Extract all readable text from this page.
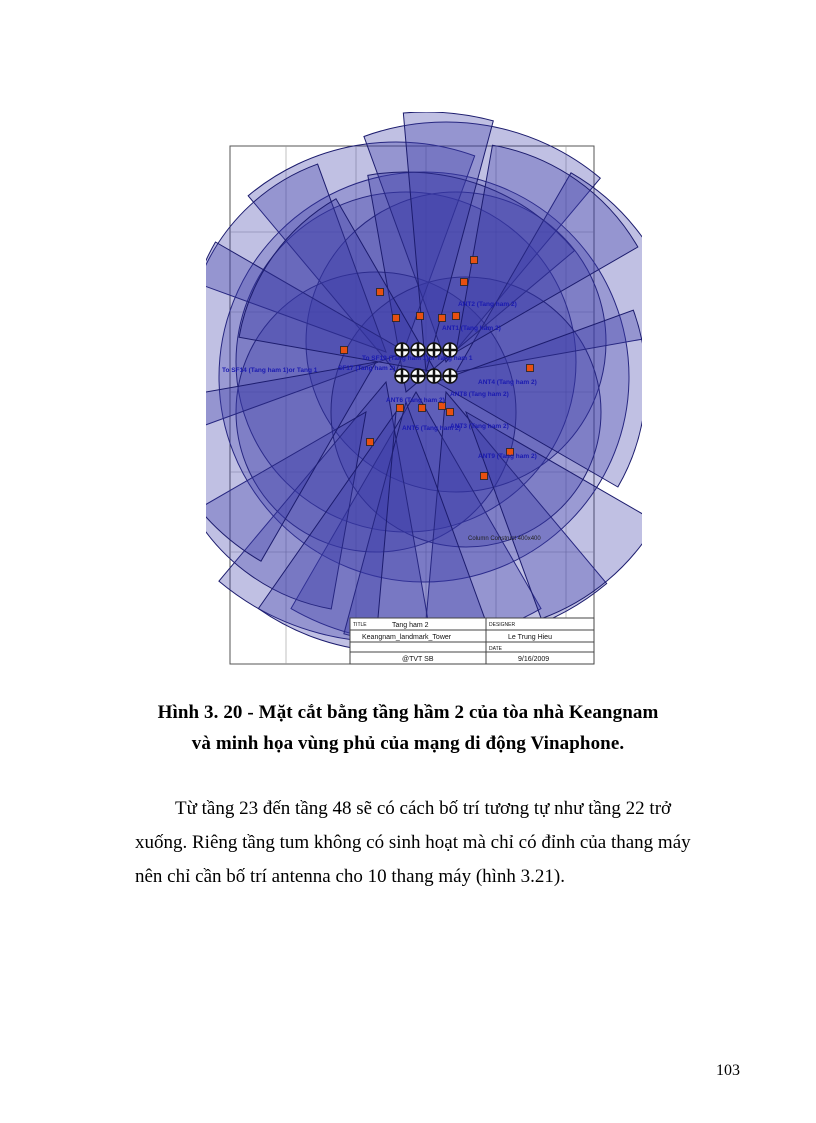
ANT2 (Tang ham 2)
ANT1 (Tang ham 2)
To SF19 (Tang ham 1)or Tang ham 1
To SF14 (Tang ham 1)or Tang 1	SF17 (Tang ham 2)
ANT4 (Tang ham 2)
ANT8 (Tang ham 2)
ANT6 (Tang ham 2)
ANT5 (Tang ham 2)
ANT3 (Tang ham 2)
ANT9 (Tang ham 2)
Column Construct 400x400
TITLE	Tang ham 2	DESIGNER
Keangnam_landmark_Tower	Le Trung Hieu
DATE
@TVT SB	9/16/2009
Hình 3. 20 - Mặt cắt bằng tầng hầm 2 của tòa nhà Keangnam
và minh họa vùng phủ của mạng di động Vinaphone.
Từ tầng 23 đến tầng 48 sẽ có cách bố trí tương tự như tầng 22 trở
xuống. Riêng tầng tum không có sinh hoạt mà chỉ có đỉnh của thang máy
nên chỉ cần bố trí antenna cho 10 thang máy (hình 3.21).
103
